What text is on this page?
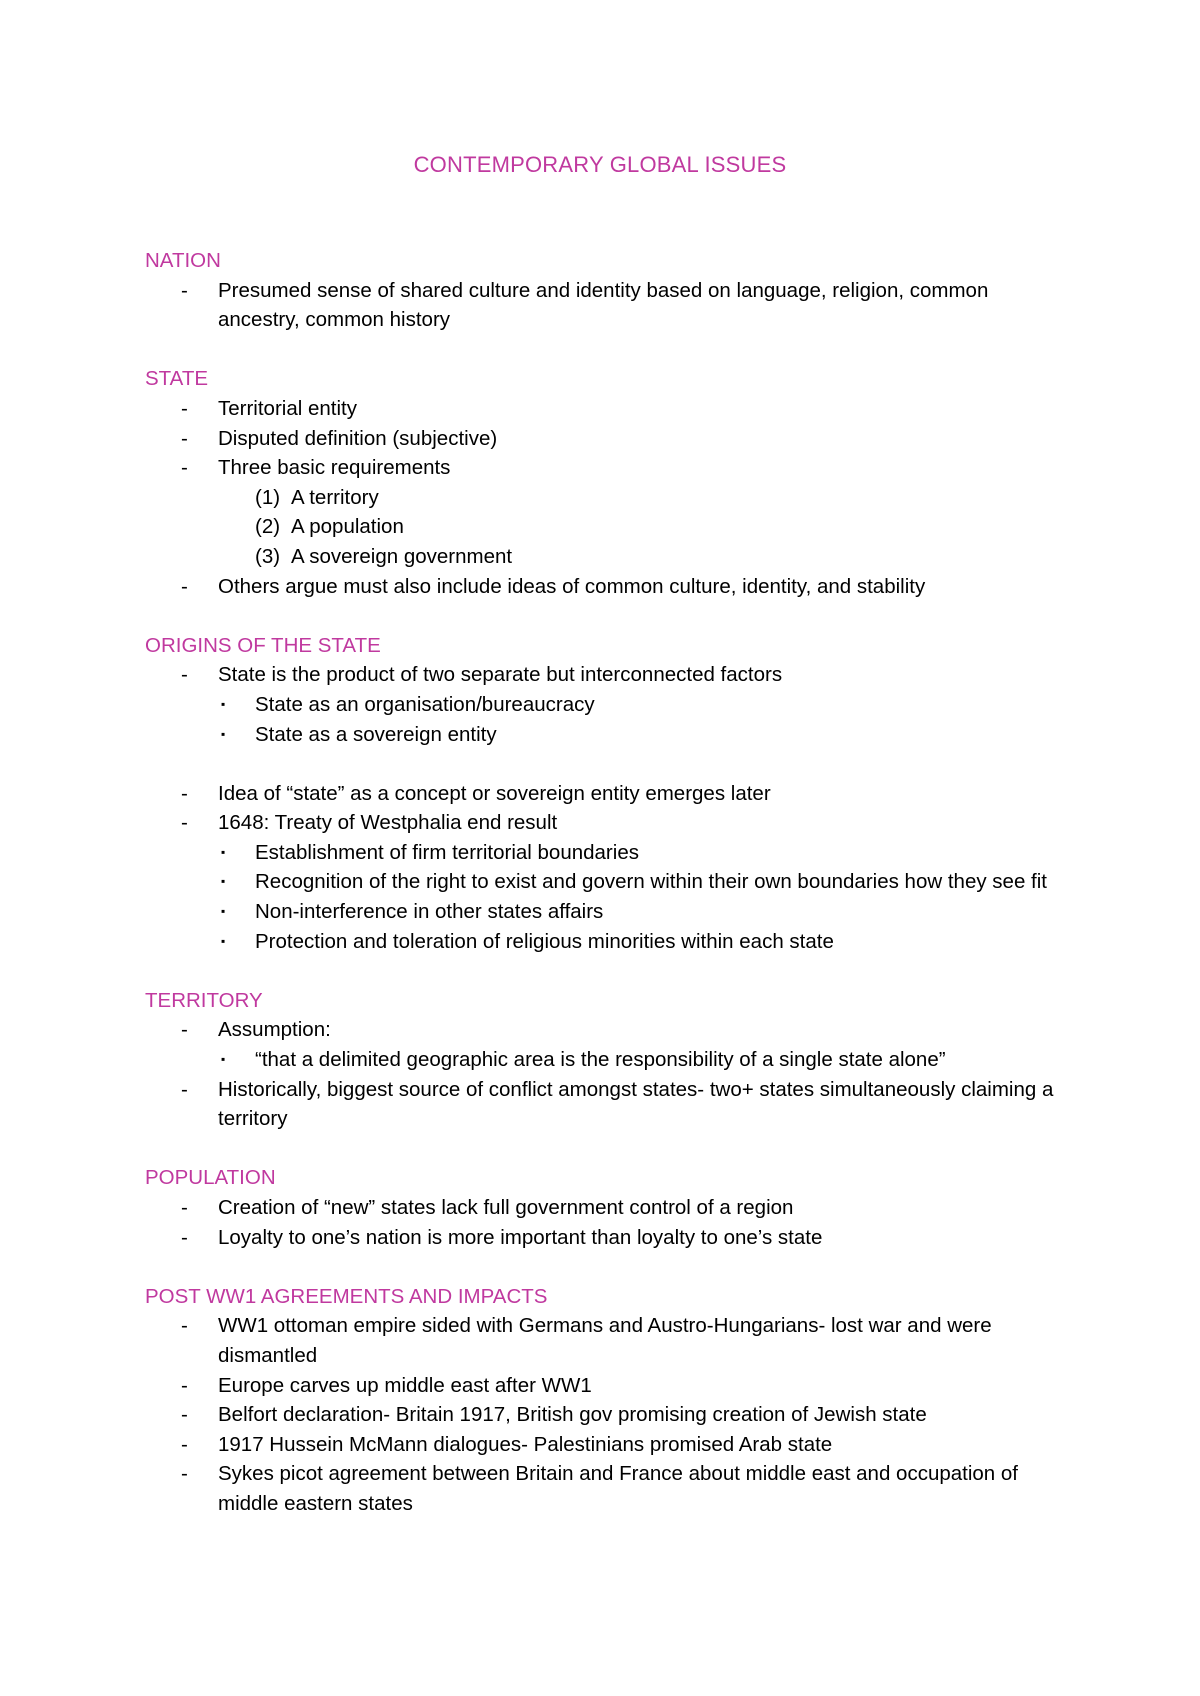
CONTEMPORARY GLOBAL ISSUES
NATION
- Presumed sense of shared culture and identity based on language, religion, common ancestry, common history
STATE
- Territorial entity
- Disputed definition (subjective)
- Three basic requirements
(1) A territory
(2) A population
(3) A sovereign government
- Others argue must also include ideas of common culture, identity, and stability
ORIGINS OF THE STATE
- State is the product of two separate but interconnected factors
▪ State as an organisation/bureaucracy
▪ State as a sovereign entity
- Idea of “state” as a concept or sovereign entity emerges later
- 1648: Treaty of Westphalia end result
▪ Establishment of firm territorial boundaries
▪ Recognition of the right to exist and govern within their own boundaries how they see fit
▪ Non-interference in other states affairs
▪ Protection and toleration of religious minorities within each state
TERRITORY
- Assumption:
▪ “that a delimited geographic area is the responsibility of a single state alone”
- Historically, biggest source of conflict amongst states- two+ states simultaneously claiming a territory
POPULATION
- Creation of “new” states lack full government control of a region
- Loyalty to one’s nation is more important than loyalty to one’s state
POST WW1 AGREEMENTS AND IMPACTS
- WW1 ottoman empire sided with Germans and Austro-Hungarians- lost war and were dismantled
- Europe carves up middle east after WW1
- Belfort declaration- Britain 1917, British gov promising creation of Jewish state
- 1917 Hussein McMann dialogues- Palestinians promised Arab state
- Sykes picot agreement between Britain and France about middle east and occupation of middle eastern states
